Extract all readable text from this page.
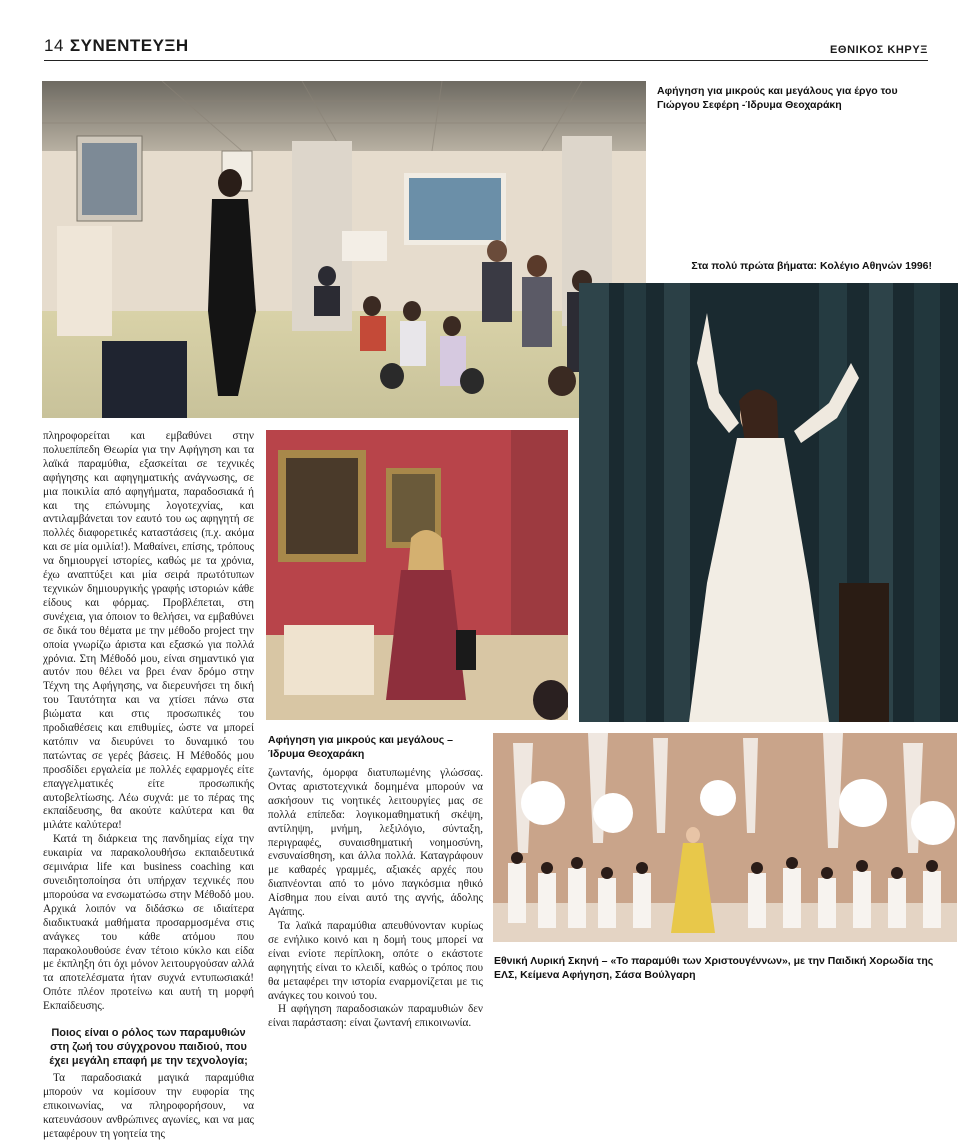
14 ΣΥΝΕΝΤΕΥΞΗ	ΕΘΝΙΚΟΣ ΚΗΡΥΞ
Αφήγηση για μικρούς και μεγάλους για έργο του Γιώργου Σεφέρη -Ίδρυμα Θεοχαράκη
Στα πολύ πρώτα βήματα: Κολέγιο Αθηνών 1996!
Αφήγηση για μικρούς και μεγάλους – Ίδρυμα Θεοχαράκη
Εθνική Λυρική Σκηνή – «Το παραμύθι των Χριστουγέννων», με την Παιδική Χορωδία της ΕΛΣ, Κείμενα Αφήγηση, Σάσα Βούλγαρη

πληροφορείται και εμβαθύνει στην πολυεπίπεδη Θεωρία για την Αφήγηση και τα λαϊκά παραμύθια, εξασκείται σε τεχνικές αφήγησης και αφηγηματικής ανάγνωσης, σε μια ποικιλία από αφηγήματα, παραδοσιακά ή και της επώνυμης λογοτεχνίας, και αντιλαμβάνεται τον εαυτό του ως αφηγητή σε πολλές διαφορετικές καταστάσεις (π.χ. ακόμα και σε μία ομιλία!). Μαθαίνει, επίσης, τρόπους να δημιουργεί ιστορίες, καθώς με τα χρόνια, έχω αναπτύξει και μία σειρά πρωτότυπων τεχνικών δημιουργικής γραφής ιστοριών κάθε είδους και φόρμας. Προβλέπεται, στη συνέχεια, για όποιον το θελήσει, να εμβαθύνει σε δικά του θέματα με την μέθοδο project την οποία γνωρίζω άριστα και εξασκώ για πολλά χρόνια. Στη Μέθοδό μου, είναι σημαντικό για αυτόν που θέλει να βρει έναν δρόμο στην Τέχνη της Αφήγησης, να διερευνήσει τη δική του Ταυτότητα και να χτίσει πάνω στα βιώματα και στις προσωπικές του προδιαθέσεις και επιθυμίες, ώστε να μπορεί κατόπιν να διευρύνει το δυναμικό του πατώντας σε γερές βάσεις. Η Μέθοδός μου προσδίδει εργαλεία με πολλές εφαρμογές είτε επαγγελματικές είτε προσωπικής αυτοβελτίωσης. Λέω συχνά: με το πέρας της εκπαίδευσης, θα ακούτε καλύτερα και θα μιλάτε καλύτερα!

Κατά τη διάρκεια της πανδημίας είχα την ευκαιρία να παρακολουθήσω εκπαιδευτικά σεμινάρια life και business coaching και συνειδητοποίησα ότι υπήρχαν τεχνικές που μπορούσα να ενσωματώσω στην Μέθοδό μου. Αρχικά λοιπόν να διδάσκω σε ιδιαίτερα διαδικτυακά μαθήματα προσαρμοσμένα στις ανάγκες του κάθε ατόμου που παρακολουθούσε έναν τέτοιο κύκλο και είδα με έκπληξη ότι όχι μόνον λειτουργούσαν αλλά τα αποτελέσματα ήταν συχνά εντυπωσιακά! Οπότε πλέον προτείνω και αυτή τη μορφή Εκπαίδευσης.

Ποιος είναι ο ρόλος των παραμυθιών στη ζωή του σύγχρονου παιδιού, που έχει μεγάλη επαφή με την τεχνολογία;

Τα παραδοσιακά μαγικά παραμύθια μπορούν να κομίσουν την ευφορία της επικοινωνίας, να πληροφορήσουν, να κατευνάσουν ανθρώπινες αγωνίες, και να μας μεταφέρουν τη γοητεία της

ζωντανής, όμορφα διατυπωμένης γλώσσας. Οντας αριστοτεχνικά δομημένα μπορούν να ασκήσουν τις νοητικές λειτουργίες μας σε πολλά επίπεδα: λογικομαθηματική σκέψη, αντίληψη, μνήμη, λεξιλόγιο, σύνταξη, περιγραφές, συναισθηματική νοημοσύνη, ενσυναίσθηση, και άλλα πολλά. Καταγράφουν με καθαρές γραμμές, αξιακές αρχές που διαπνέονται από το μόνο παγκόσμια ηθικό Αίσθημα που είναι αυτό της αγνής, άδολης Αγάπης.

Τα λαϊκά παραμύθια απευθύνονταν κυρίως σε ενήλικο κοινό και η δομή τους μπορεί να είναι ενίοτε περίπλοκη, οπότε ο εκάστοτε αφηγητής είναι το κλειδί, καθώς ο τρόπος που θα μεταφέρει την ιστορία εναρμονίζεται με τις ανάγκες του κοινού του.

Η αφήγηση παραδοσιακών παραμυθιών δεν είναι παράσταση: είναι ζωντανή επικοινωνία.
